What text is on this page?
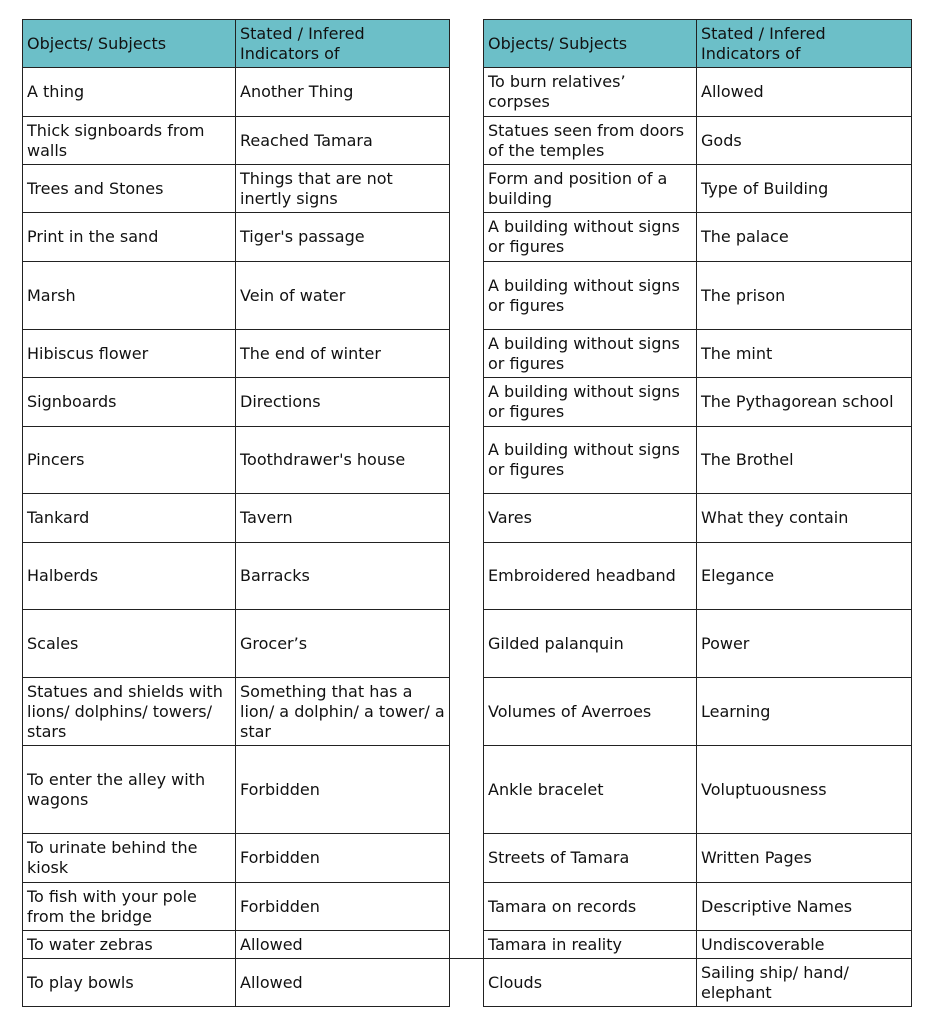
Objects/ Subjects	Stated / Infered Indicators of
A thing	Another Thing
Thick signboards from walls	Reached Tamara
Trees and Stones	Things that are not inertly signs
Print in the sand	Tiger's passage
Marsh	Vein of water
Hibiscus flower	The end of winter
Signboards	Directions
Pincers	Toothdrawer's house
Tankard	Tavern
Halberds	Barracks
Scales	Grocer’s
Statues and shields with lions/ dolphins/ towers/ stars	Something that has a lion/ a dolphin/ a tower/ a star
To enter the alley with wagons	Forbidden
To urinate behind the kiosk	Forbidden
To fish with your pole from the bridge	Forbidden
To water zebras	Allowed
To play bowls	Allowed
Objects/ Subjects	Stated / Infered Indicators of
To burn relatives’ corpses	Allowed
Statues seen from doors of the temples	Gods
Form and position of a building	Type of Building
A building without signs or figures	The palace
A building without signs or figures	The prison
A building without signs or figures	The mint
A building without signs or figures	The Pythagorean school
A building without signs or figures	The Brothel
Vares	What they contain
Embroidered headband	Elegance
Gilded palanquin	Power
Volumes of Averroes	Learning
Ankle bracelet	Voluptuousness
Streets of Tamara	Written Pages
Tamara on records	Descriptive Names
Tamara in reality	Undiscoverable
Clouds	Sailing ship/ hand/ elephant
